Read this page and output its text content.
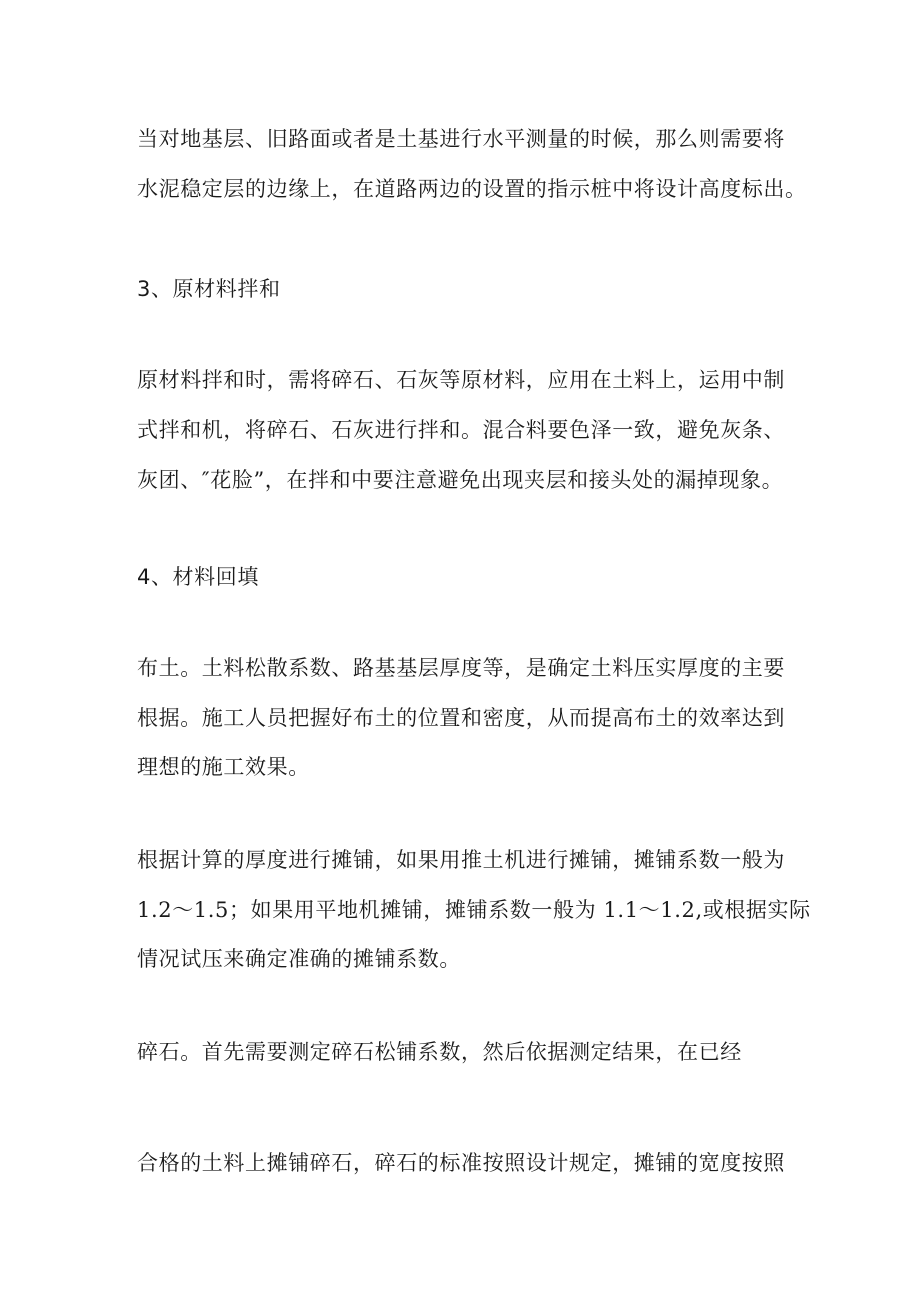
当对地基层、旧路面或者是土基进行水平测量的时候，那么则需要将
水泥稳定层的边缘上，在道路两边的设置的指示桩中将设计高度标出。
3、原材料拌和
原材料拌和时，需将碎石、石灰等原材料，应用在土料上，运用中制
式拌和机，将碎石、石灰进行拌和。混合料要色泽一致，避免灰条、
灰团、″花脸”，在拌和中要注意避免出现夹层和接头处的漏掉现象。
4、材料回填
布土。土料松散系数、路基基层厚度等，是确定土料压实厚度的主要
根据。施工人员把握好布土的位置和密度，从而提高布土的效率达到
理想的施工效果。
根据计算的厚度进行摊铺，如果用推土机进行摊铺，摊铺系数一般为
1.2～1.5；如果用平地机摊铺，摊铺系数一般为 1.1～1.2,或根据实际
情况试压来确定准确的摊铺系数。
碎石。首先需要测定碎石松铺系数，然后依据测定结果，在已经
合格的土料上摊铺碎石，碎石的标准按照设计规定，摊铺的宽度按照
